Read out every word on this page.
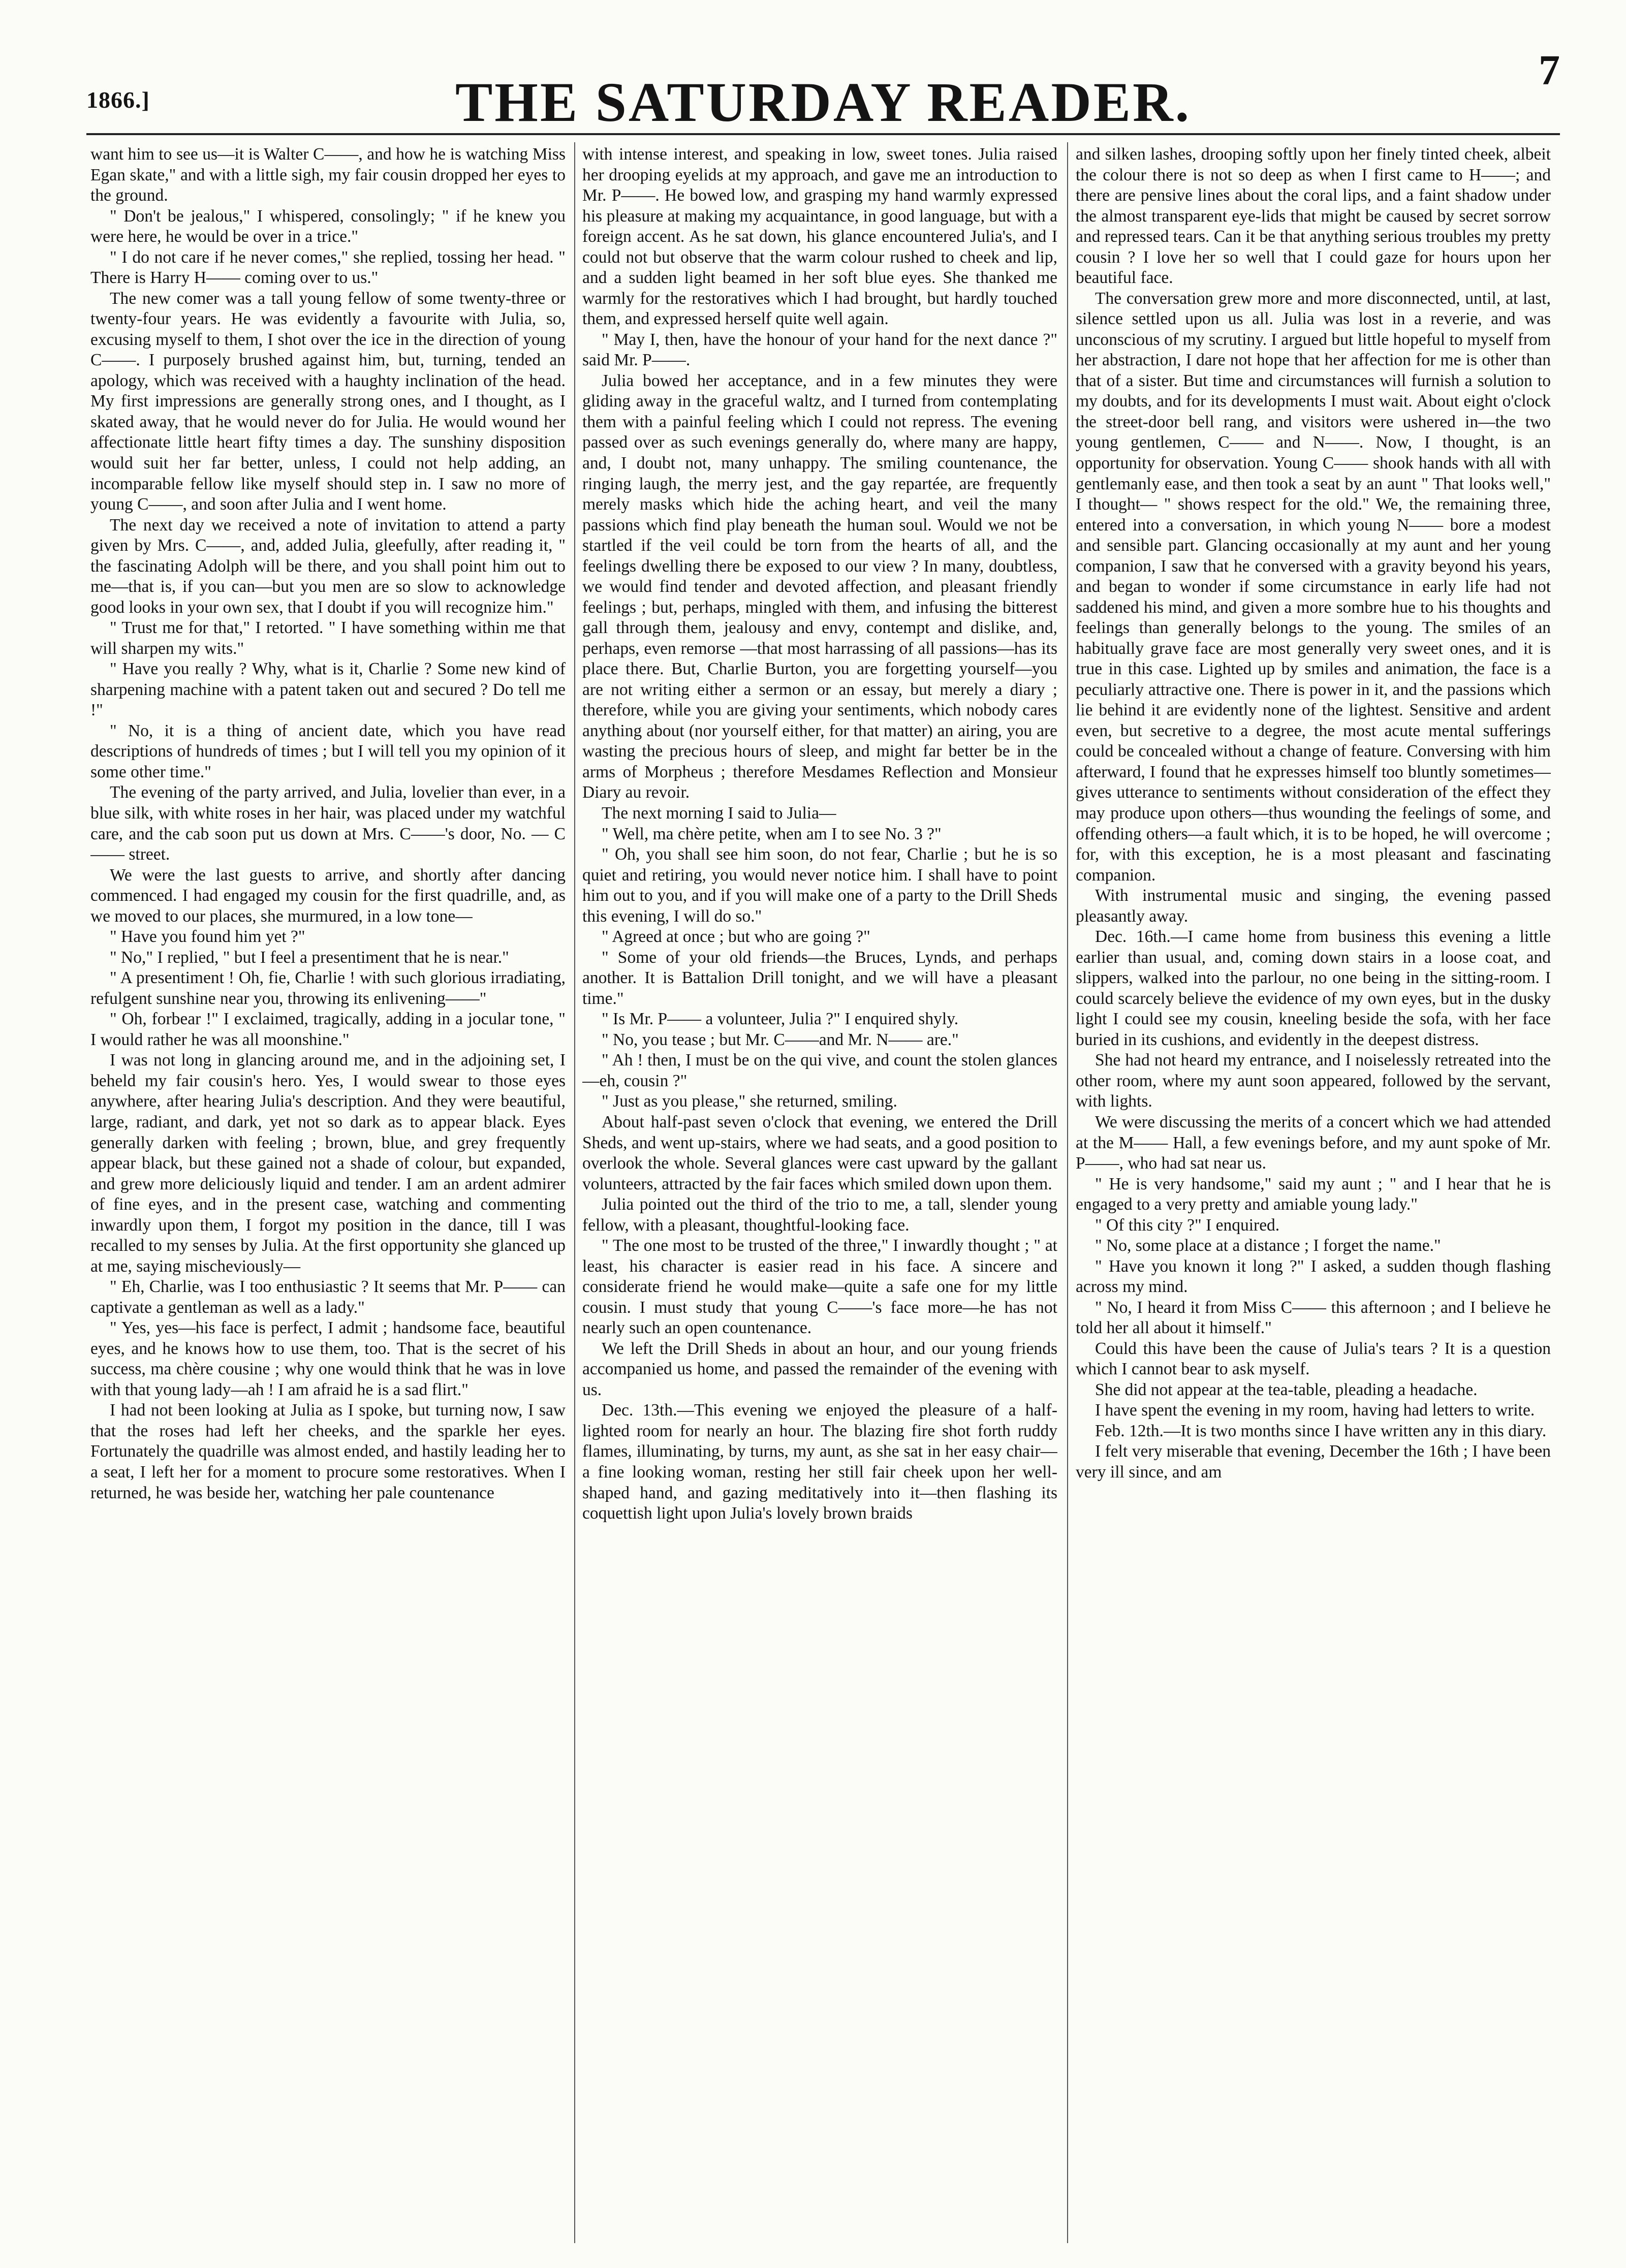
1866.]	THE SATURDAY READER.
7

want him to see us—it is Walter C——, and how he is watching Miss Egan skate," and with a little sigh, my fair cousin dropped her eyes to the ground.

" Don't be jealous," I whispered, consolingly; " if he knew you were here, he would be over in a trice."

" I do not care if he never comes," she replied, tossing her head. " There is Harry H—— coming over to us."

The new comer was a tall young fellow of some twenty-three or twenty-four years. He was evidently a favourite with Julia, so, excusing myself to them, I shot over the ice in the direction of young C——. I purposely brushed against him, but, turning, tended an apology, which was received with a haughty inclination of the head. My first impressions are generally strong ones, and I thought, as I skated away, that he would never do for Julia. He would wound her affectionate little heart fifty times a day. The sunshiny disposition would suit her far better, unless, I could not help adding, an incomparable fellow like myself should step in. I saw no more of young C——, and soon after Julia and I went home.

The next day we received a note of invitation to attend a party given by Mrs. C——, and, added Julia, gleefully, after reading it, " the fascinating Adolph will be there, and you shall point him out to me—that is, if you can—but you men are so slow to acknowledge good looks in your own sex, that I doubt if you will recognize him."

" Trust me for that," I retorted. " I have something within me that will sharpen my wits."

" Have you really ? Why, what is it, Charlie ? Some new kind of sharpening machine with a patent taken out and secured ? Do tell me !"

" No, it is a thing of ancient date, which you have read descriptions of hundreds of times ; but I will tell you my opinion of it some other time."

The evening of the party arrived, and Julia, lovelier than ever, in a blue silk, with white roses in her hair, was placed under my watchful care, and the cab soon put us down at Mrs. C——'s door, No. — C—— street.

We were the last guests to arrive, and shortly after dancing commenced. I had engaged my cousin for the first quadrille, and, as we moved to our places, she murmured, in a low tone—

" Have you found him yet ?"

" No," I replied, " but I feel a presentiment that he is near."

" A presentiment ! Oh, fie, Charlie ! with such glorious irradiating, refulgent sunshine near you, throwing its enlivening——"

" Oh, forbear !" I exclaimed, tragically, adding in a jocular tone, " I would rather he was all moonshine."

I was not long in glancing around me, and in the adjoining set, I beheld my fair cousin's hero. Yes, I would swear to those eyes anywhere, after hearing Julia's description. And they were beautiful, large, radiant, and dark, yet not so dark as to appear black. Eyes generally darken with feeling ; brown, blue, and grey frequently appear black, but these gained not a shade of colour, but expanded, and grew more deliciously liquid and tender. I am an ardent admirer of fine eyes, and in the present case, watching and commenting inwardly upon them, I forgot my position in the dance, till I was recalled to my senses by Julia. At the first opportunity she glanced up at me, saying mischeviously—

" Eh, Charlie, was I too enthusiastic ? It seems that Mr. P—— can captivate a gentleman as well as a lady."

" Yes, yes—his face is perfect, I admit ; handsome face, beautiful eyes, and he knows how to use them, too. That is the secret of his success, ma chère cousine ; why one would think that he was in love with that young lady—ah ! I am afraid he is a sad flirt."

I had not been looking at Julia as I spoke, but turning now, I saw that the roses had left her cheeks, and the sparkle her eyes. Fortunately the quadrille was almost ended, and hastily leading her to a seat, I left her for a moment to procure some restoratives. When I returned, he was beside her, watching her pale countenance

with intense interest, and speaking in low, sweet tones. Julia raised her drooping eyelids at my approach, and gave me an introduction to Mr. P——. He bowed low, and grasping my hand warmly expressed his pleasure at making my acquaintance, in good language, but with a foreign accent. As he sat down, his glance encountered Julia's, and I could not but observe that the warm colour rushed to cheek and lip, and a sudden light beamed in her soft blue eyes. She thanked me warmly for the restoratives which I had brought, but hardly touched them, and expressed herself quite well again.

" May I, then, have the honour of your hand for the next dance ?" said Mr. P——.

Julia bowed her acceptance, and in a few minutes they were gliding away in the graceful waltz, and I turned from contemplating them with a painful feeling which I could not repress. The evening passed over as such evenings generally do, where many are happy, and, I doubt not, many unhappy. The smiling countenance, the ringing laugh, the merry jest, and the gay repartée, are frequently merely masks which hide the aching heart, and veil the many passions which find play beneath the human soul. Would we not be startled if the veil could be torn from the hearts of all, and the feelings dwelling there be exposed to our view ? In many, doubtless, we would find tender and devoted affection, and pleasant friendly feelings ; but, perhaps, mingled with them, and infusing the bitterest gall through them, jealousy and envy, contempt and dislike, and, perhaps, even remorse —that most harrassing of all passions—has its place there. But, Charlie Burton, you are forgetting yourself—you are not writing either a sermon or an essay, but merely a diary ; therefore, while you are giving your sentiments, which nobody cares anything about (nor yourself either, for that matter) an airing, you are wasting the precious hours of sleep, and might far better be in the arms of Morpheus ; therefore Mesdames Reflection and Monsieur Diary au revoir.

The next morning I said to Julia—

" Well, ma chère petite, when am I to see No. 3 ?"

" Oh, you shall see him soon, do not fear, Charlie ; but he is so quiet and retiring, you would never notice him. I shall have to point him out to you, and if you will make one of a party to the Drill Sheds this evening, I will do so."

" Agreed at once ; but who are going ?"

" Some of your old friends—the Bruces, Lynds, and perhaps another. It is Battalion Drill tonight, and we will have a pleasant time."

" Is Mr. P—— a volunteer, Julia ?" I enquired shyly.

" No, you tease ; but Mr. C——and Mr. N—— are."

" Ah ! then, I must be on the qui vive, and count the stolen glances—eh, cousin ?"

" Just as you please," she returned, smiling.

About half-past seven o'clock that evening, we entered the Drill Sheds, and went up-stairs, where we had seats, and a good position to overlook the whole. Several glances were cast upward by the gallant volunteers, attracted by the fair faces which smiled down upon them.

Julia pointed out the third of the trio to me, a tall, slender young fellow, with a pleasant, thoughtful-looking face.

" The one most to be trusted of the three," I inwardly thought ; " at least, his character is easier read in his face. A sincere and considerate friend he would make—quite a safe one for my little cousin. I must study that young C——'s face more—he has not nearly such an open countenance.

We left the Drill Sheds in about an hour, and our young friends accompanied us home, and passed the remainder of the evening with us.

Dec. 13th.—This evening we enjoyed the pleasure of a half-lighted room for nearly an hour. The blazing fire shot forth ruddy flames, illuminating, by turns, my aunt, as she sat in her easy chair—a fine looking woman, resting her still fair cheek upon her well-shaped hand, and gazing meditatively into it—then flashing its coquettish light upon Julia's lovely brown braids

and silken lashes, drooping softly upon her finely tinted cheek, albeit the colour there is not so deep as when I first came to H——; and there are pensive lines about the coral lips, and a faint shadow under the almost transparent eye-lids that might be caused by secret sorrow and repressed tears. Can it be that anything serious troubles my pretty cousin ? I love her so well that I could gaze for hours upon her beautiful face.

The conversation grew more and more disconnected, until, at last, silence settled upon us all. Julia was lost in a reverie, and was unconscious of my scrutiny. I argued but little hopeful to myself from her abstraction, I dare not hope that her affection for me is other than that of a sister. But time and circumstances will furnish a solution to my doubts, and for its developments I must wait. About eight o'clock the street-door bell rang, and visitors were ushered in—the two young gentlemen, C—— and N——. Now, I thought, is an opportunity for observation. Young C—— shook hands with all with gentlemanly ease, and then took a seat by an aunt " That looks well," I thought— " shows respect for the old." We, the remaining three, entered into a conversation, in which young N—— bore a modest and sensible part. Glancing occasionally at my aunt and her young companion, I saw that he conversed with a gravity beyond his years, and began to wonder if some circumstance in early life had not saddened his mind, and given a more sombre hue to his thoughts and feelings than generally belongs to the young. The smiles of an habitually grave face are most generally very sweet ones, and it is true in this case. Lighted up by smiles and animation, the face is a peculiarly attractive one. There is power in it, and the passions which lie behind it are evidently none of the lightest. Sensitive and ardent even, but secretive to a degree, the most acute mental sufferings could be concealed without a change of feature. Conversing with him afterward, I found that he expresses himself too bluntly sometimes—gives utterance to sentiments without consideration of the effect they may produce upon others—thus wounding the feelings of some, and offending others—a fault which, it is to be hoped, he will overcome ; for, with this exception, he is a most pleasant and fascinating companion.

With instrumental music and singing, the evening passed pleasantly away.

Dec. 16th.—I came home from business this evening a little earlier than usual, and, coming down stairs in a loose coat, and slippers, walked into the parlour, no one being in the sitting-room. I could scarcely believe the evidence of my own eyes, but in the dusky light I could see my cousin, kneeling beside the sofa, with her face buried in its cushions, and evidently in the deepest distress.

She had not heard my entrance, and I noiselessly retreated into the other room, where my aunt soon appeared, followed by the servant, with lights.

We were discussing the merits of a concert which we had attended at the M—— Hall, a few evenings before, and my aunt spoke of Mr. P——, who had sat near us.

" He is very handsome," said my aunt ; " and I hear that he is engaged to a very pretty and amiable young lady."

" Of this city ?" I enquired.

" No, some place at a distance ; I forget the name."

" Have you known it long ?" I asked, a sudden though flashing across my mind.

" No, I heard it from Miss C—— this afternoon ; and I believe he told her all about it himself."

Could this have been the cause of Julia's tears ? It is a question which I cannot bear to ask myself.

She did not appear at the tea-table, pleading a headache.

I have spent the evening in my room, having had letters to write.

Feb. 12th.—It is two months since I have written any in this diary.

I felt very miserable that evening, December the 16th ; I have been very ill since, and am
